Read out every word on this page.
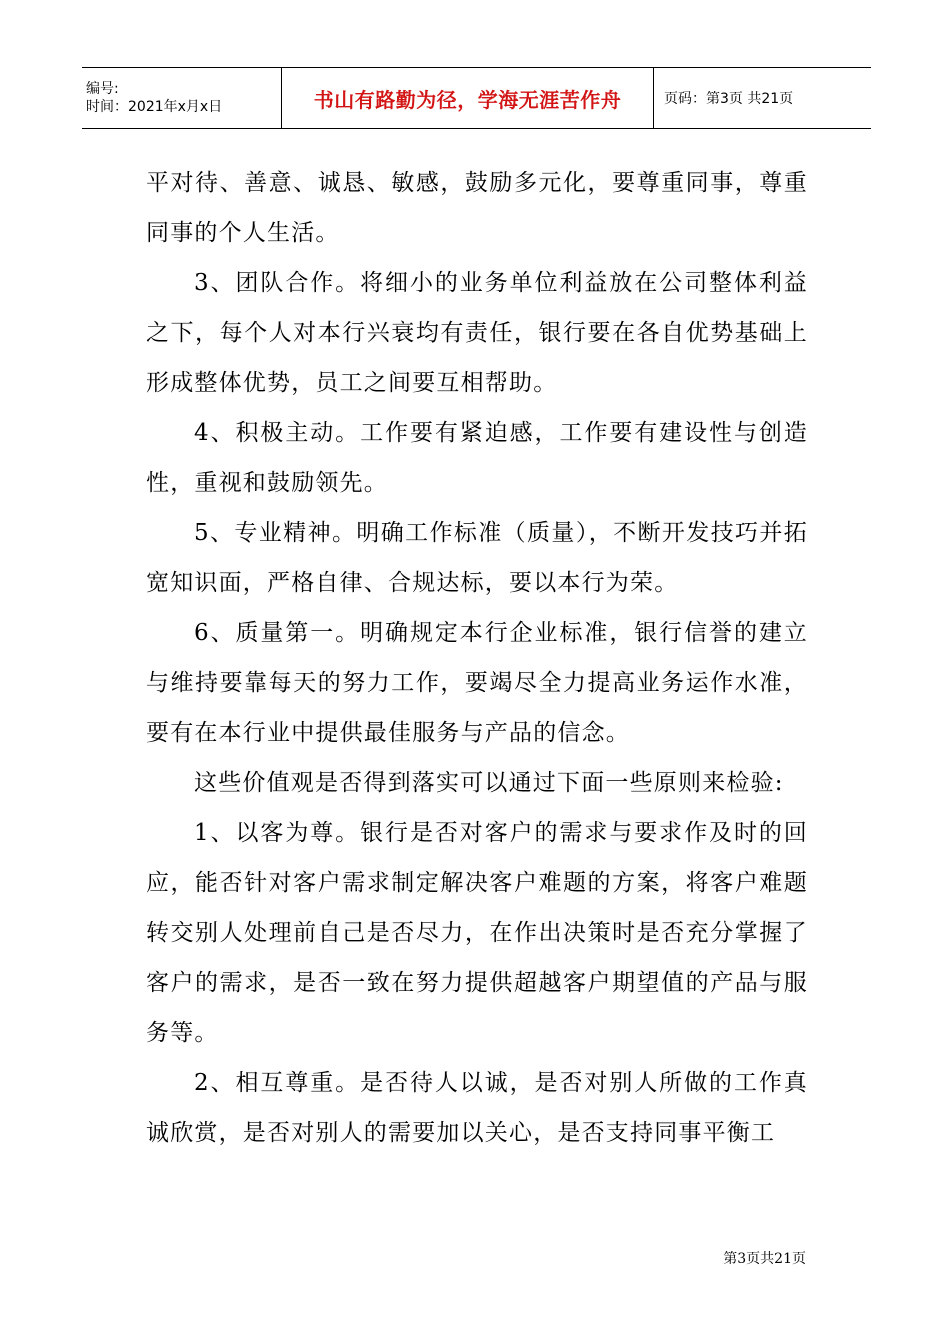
编号:
时间：2021年x月x日	书山有路勤为径，学海无涯苦作舟	页码：第3页 共21页

平对待、善意、诚恳、敏感，鼓励多元化，要尊重同事，尊重同事的个人生活。

3、团队合作。将细小的业务单位利益放在公司整体利益之下，每个人对本行兴衰均有责任，银行要在各自优势基础上形成整体优势，员工之间要互相帮助。

4、积极主动。工作要有紧迫感，工作要有建设性与创造性，重视和鼓励领先。

5、专业精神。明确工作标准（质量），不断开发技巧并拓宽知识面，严格自律、合规达标，要以本行为荣。

6、质量第一。明确规定本行企业标准，银行信誉的建立与维持要靠每天的努力工作，要竭尽全力提高业务运作水准，要有在本行业中提供最佳服务与产品的信念。

这些价值观是否得到落实可以通过下面一些原则来检验:

1、以客为尊。银行是否对客户的需求与要求作及时的回应，能否针对客户需求制定解决客户难题的方案，将客户难题转交别人处理前自己是否尽力，在作出决策时是否充分掌握了客户的需求，是否一致在努力提供超越客户期望值的产品与服务等。

2、相互尊重。是否待人以诚，是否对别人所做的工作真诚欣赏，是否对别人的需要加以关心，是否支持同事平衡工

第3页共21页
